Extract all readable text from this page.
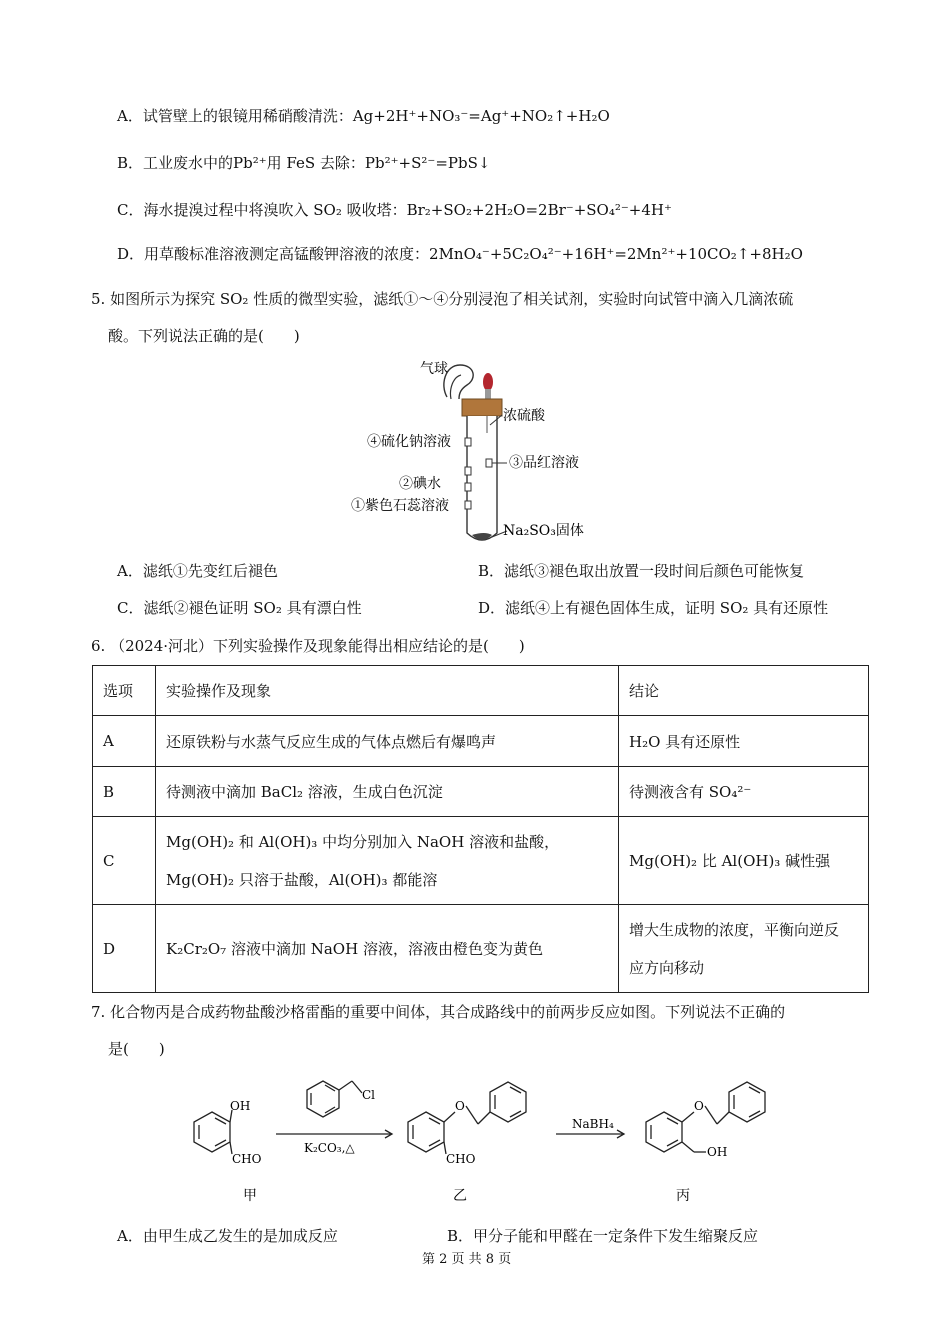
A．试管壁上的银镜用稀硝酸清洗：Ag+2H⁺+NO₃⁻=Ag⁺+NO₂↑+H₂O
B．工业废水中的Pb²⁺用 FeS 去除：Pb²⁺+S²⁻=PbS↓
C．海水提溴过程中将溴吹入 SO₂ 吸收塔：Br₂+SO₂+2H₂O=2Br⁻+SO₄²⁻+4H⁺
D．用草酸标准溶液测定高锰酸钾溶液的浓度：2MnO₄⁻+5C₂O₄²⁻+16H⁺=2Mn²⁺+10CO₂↑+8H₂O
5. 如图所示为探究 SO₂ 性质的微型实验，滤纸①～④分别浸泡了相关试剂，实验时向试管中滴入几滴浓硫
酸。下列说法正确的是(　　)
气球
浓硫酸
④硫化钠溶液
③品红溶液
②碘水
①紫色石蕊溶液
Na₂SO₃固体
A．滤纸①先变红后褪色	B．滤纸③褪色取出放置一段时间后颜色可能恢复
C．滤纸②褪色证明 SO₂ 具有漂白性	D．滤纸④上有褪色固体生成，证明 SO₂ 具有还原性
6. （2024·河北）下列实验操作及现象能得出相应结论的是(　　)
选项	实验操作及现象	结论
A	还原铁粉与水蒸气反应生成的气体点燃后有爆鸣声	H₂O 具有还原性
B	待测液中滴加 BaCl₂ 溶液，生成白色沉淀	待测液含有 SO₄²⁻
C	Mg(OH)₂ 和 Al(OH)₃ 中均分别加入 NaOH 溶液和盐酸，
Mg(OH)₂ 只溶于盐酸，Al(OH)₃ 都能溶	Mg(OH)₂ 比 Al(OH)₃ 碱性强
D	K₂Cr₂O₇ 溶液中滴加 NaOH 溶液，溶液由橙色变为黄色	增大生成物的浓度，平衡向逆反
应方向移动
7. 化合物丙是合成药物盐酸沙格雷酯的重要中间体，其合成路线中的前两步反应如图。下列说法不正确的
是(　　)
OH
CHO
Cl
K₂CO₃,△
O
CHO
NaBH₄
O
OH
甲	乙	丙
A．由甲生成乙发生的是加成反应	B．甲分子能和甲醛在一定条件下发生缩聚反应
第 2 页 共 8 页
